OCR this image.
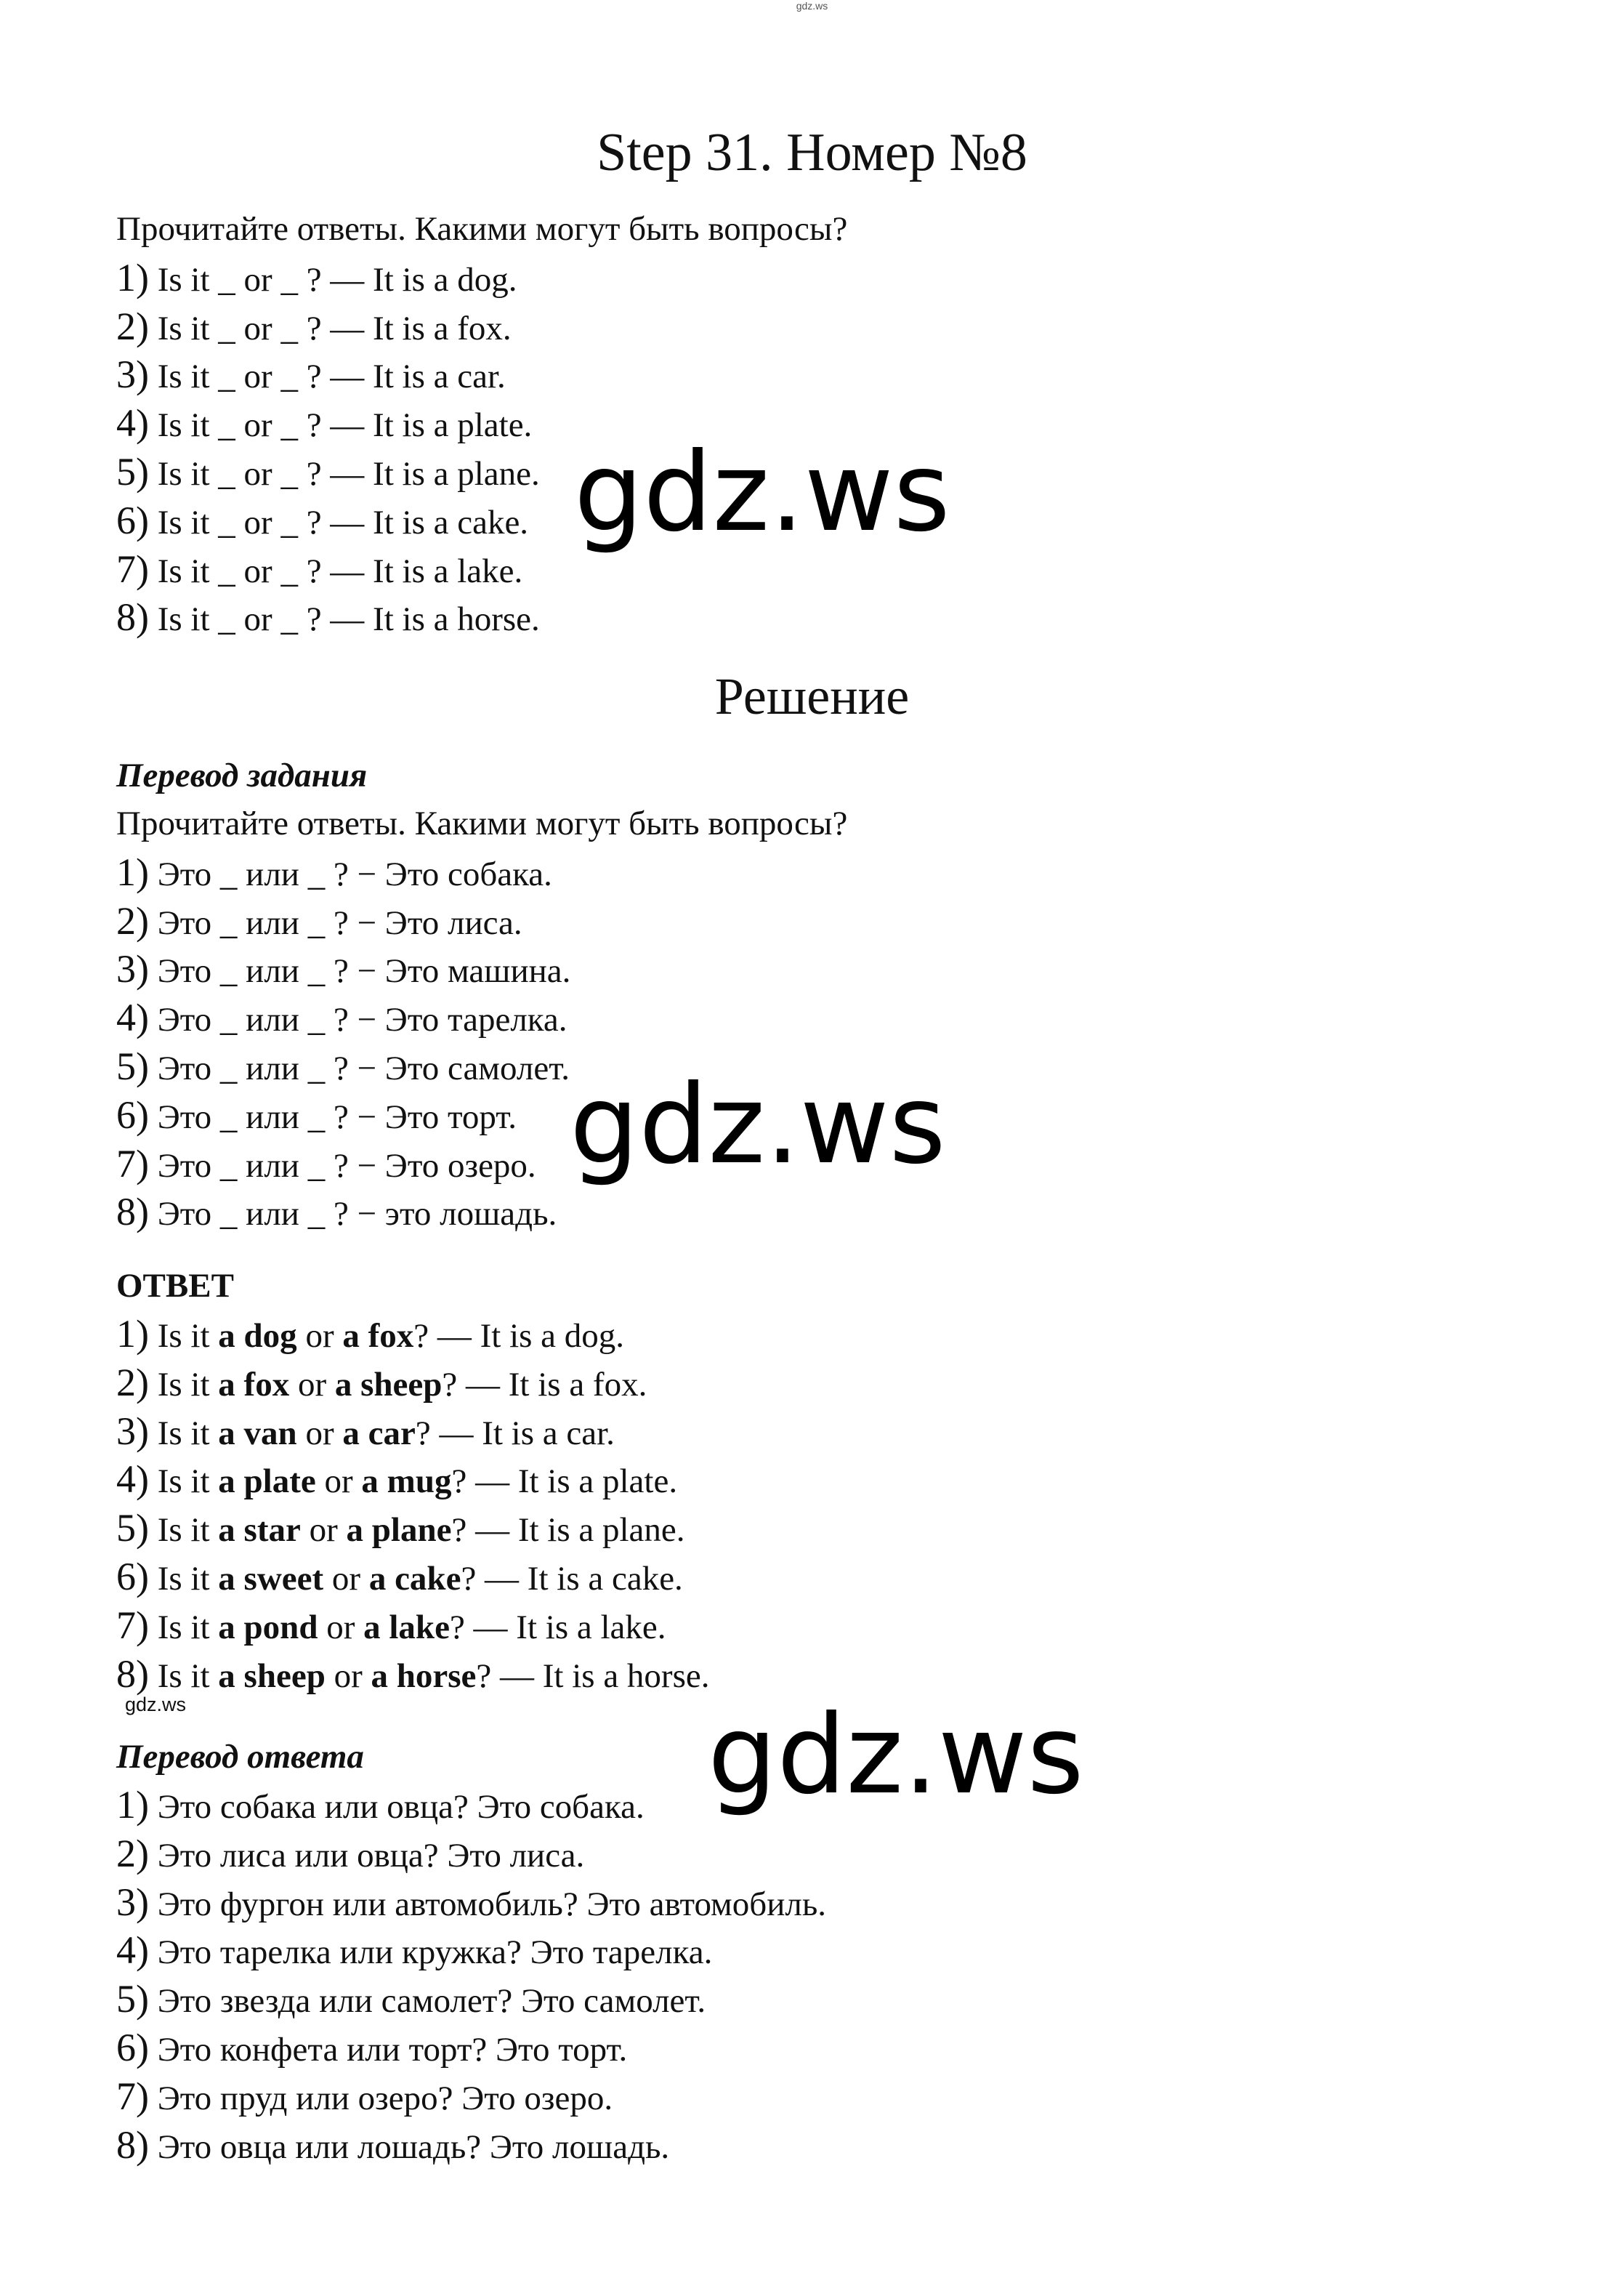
gdz.ws
Step 31. Номер №8
Прочитайте ответы. Какими могут быть вопросы?
1) Is it _ or _ ? — It is a dog.
2) Is it _ or _ ? — It is a fox.
3) Is it _ or _ ? — It is a car.
4) Is it _ or _ ? — It is a plate.
5) Is it _ or _ ? — It is a plane.
6) Is it _ or _ ? — It is a cake.
7) Is it _ or _ ? — It is a lake.
8) Is it _ or _ ? — It is a horse.
Решение
Перевод задания
Прочитайте ответы. Какими могут быть вопросы?
1) Это _ или _ ? − Это собака.
2) Это _ или _ ? − Это лиса.
3) Это _ или _ ? − Это машина.
4) Это _ или _ ? − Это тарелка.
5) Это _ или _ ? − Это самолет.
6) Это _ или _ ? − Это торт.
7) Это _ или _ ? − Это озеро.
8) Это _ или _ ? − это лошадь.
ОТВЕТ
1) Is it a dog or a fox? — It is a dog.
2) Is it a fox or a sheep? — It is a fox.
3) Is it a van or a car? — It is a car.
4) Is it a plate or a mug? — It is a plate.
5) Is it a star or a plane? — It is a plane.
6) Is it a sweet or a cake? — It is a cake.
7) Is it a pond or a lake? — It is a lake.
8) Is it a sheep or a horse? — It is a horse.
gdz.ws
Перевод ответа
1) Это собака или овца? Это собака.
2) Это лиса или овца? Это лиса.
3) Это фургон или автомобиль? Это автомобиль.
4) Это тарелка или кружка? Это тарелка.
5) Это звезда или самолет? Это самолет.
6) Это конфета или торт? Это торт.
7) Это пруд или озеро? Это озеро.
8) Это овца или лошадь? Это лошадь.
gdz.ws
gdz.ws
gdz.ws
